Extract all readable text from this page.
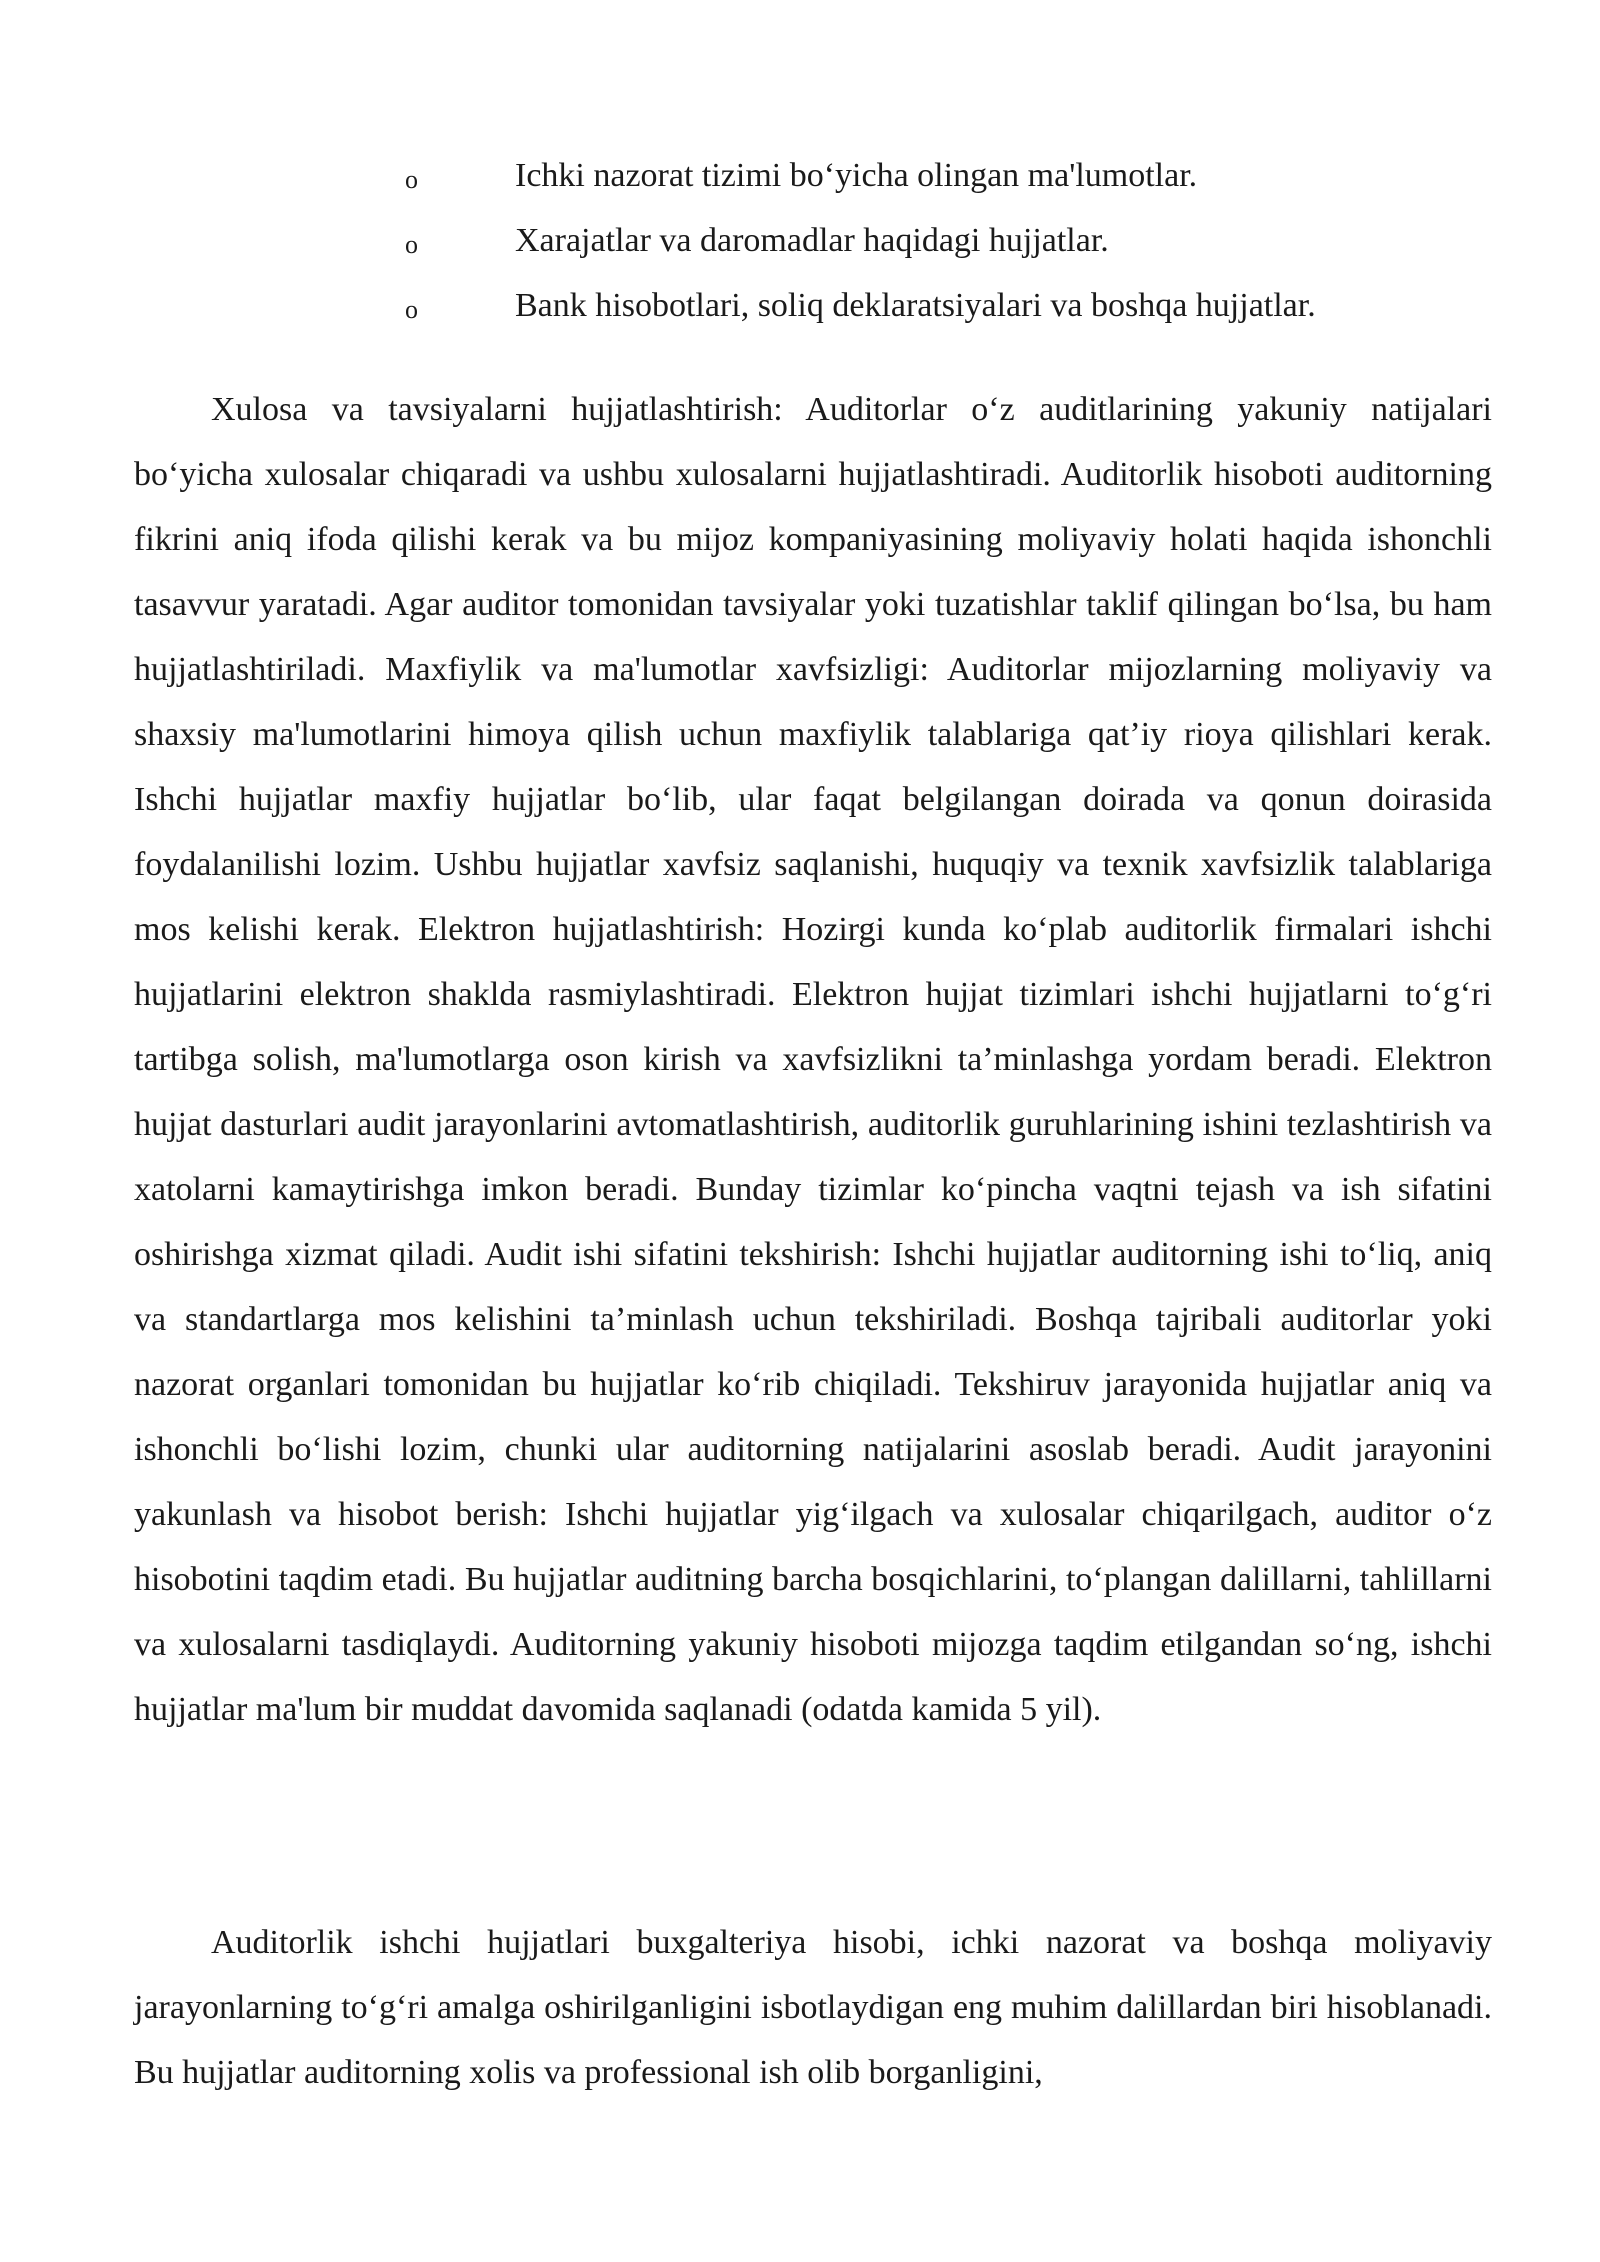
o	Ichki nazorat tizimi bo‘yicha olingan ma'lumotlar.
o	Xarajatlar va daromadlar haqidagi hujjatlar.
o	Bank hisobotlari, soliq deklaratsiyalari va boshqa hujjatlar.

Xulosa va tavsiyalarni hujjatlashtirish: Auditorlar o‘z auditlarining yakuniy natijalari bo‘yicha xulosalar chiqaradi va ushbu xulosalarni hujjatlashtiradi. Auditorlik hisoboti auditorning fikrini aniq ifoda qilishi kerak va bu mijoz kompaniyasining moliyaviy holati haqida ishonchli tasavvur yaratadi. Agar auditor tomonidan tavsiyalar yoki tuzatishlar taklif qilingan bo‘lsa, bu ham hujjatlashtiriladi. Maxfiylik va ma'lumotlar xavfsizligi: Auditorlar mijozlarning moliyaviy va shaxsiy ma'lumotlarini himoya qilish uchun maxfiylik talablariga qat’iy rioya qilishlari kerak. Ishchi hujjatlar maxfiy hujjatlar bo‘lib, ular faqat belgilangan doirada va qonun doirasida foydalanilishi lozim. Ushbu hujjatlar xavfsiz saqlanishi, huquqiy va texnik xavfsizlik talablariga mos kelishi kerak. Elektron hujjatlashtirish: Hozirgi kunda ko‘plab auditorlik firmalari ishchi hujjatlarini elektron shaklda rasmiylashtiradi. Elektron hujjat tizimlari ishchi hujjatlarni to‘g‘ri tartibga solish, ma'lumotlarga oson kirish va xavfsizlikni ta’minlashga yordam beradi. Elektron hujjat dasturlari audit jarayonlarini avtomatlashtirish, auditorlik guruhlarining ishini tezlashtirish va xatolarni kamaytirishga imkon beradi. Bunday tizimlar ko‘pincha vaqtni tejash va ish sifatini oshirishga xizmat qiladi. Audit ishi sifatini tekshirish: Ishchi hujjatlar auditorning ishi to‘liq, aniq va standartlarga mos kelishini ta’minlash uchun tekshiriladi. Boshqa tajribali auditorlar yoki nazorat organlari tomonidan bu hujjatlar ko‘rib chiqiladi. Tekshiruv jarayonida hujjatlar aniq va ishonchli bo‘lishi lozim, chunki ular auditorning natijalarini asoslab beradi. Audit jarayonini yakunlash va hisobot berish: Ishchi hujjatlar yig‘ilgach va xulosalar chiqarilgach, auditor o‘z hisobotini taqdim etadi. Bu hujjatlar auditning barcha bosqichlarini, to‘plangan dalillarni, tahlillarni va xulosalarni tasdiqlaydi. Auditorning yakuniy hisoboti mijozga taqdim etilgandan so‘ng, ishchi hujjatlar ma'lum bir muddat davomida saqlanadi (odatda kamida 5 yil).

Auditorlik ishchi hujjatlari buxgalteriya hisobi, ichki nazorat va boshqa moliyaviy jarayonlarning to‘g‘ri amalga oshirilganligini isbotlaydigan eng muhim dalillardan biri hisoblanadi. Bu hujjatlar auditorning xolis va professional ish olib borganligini,
